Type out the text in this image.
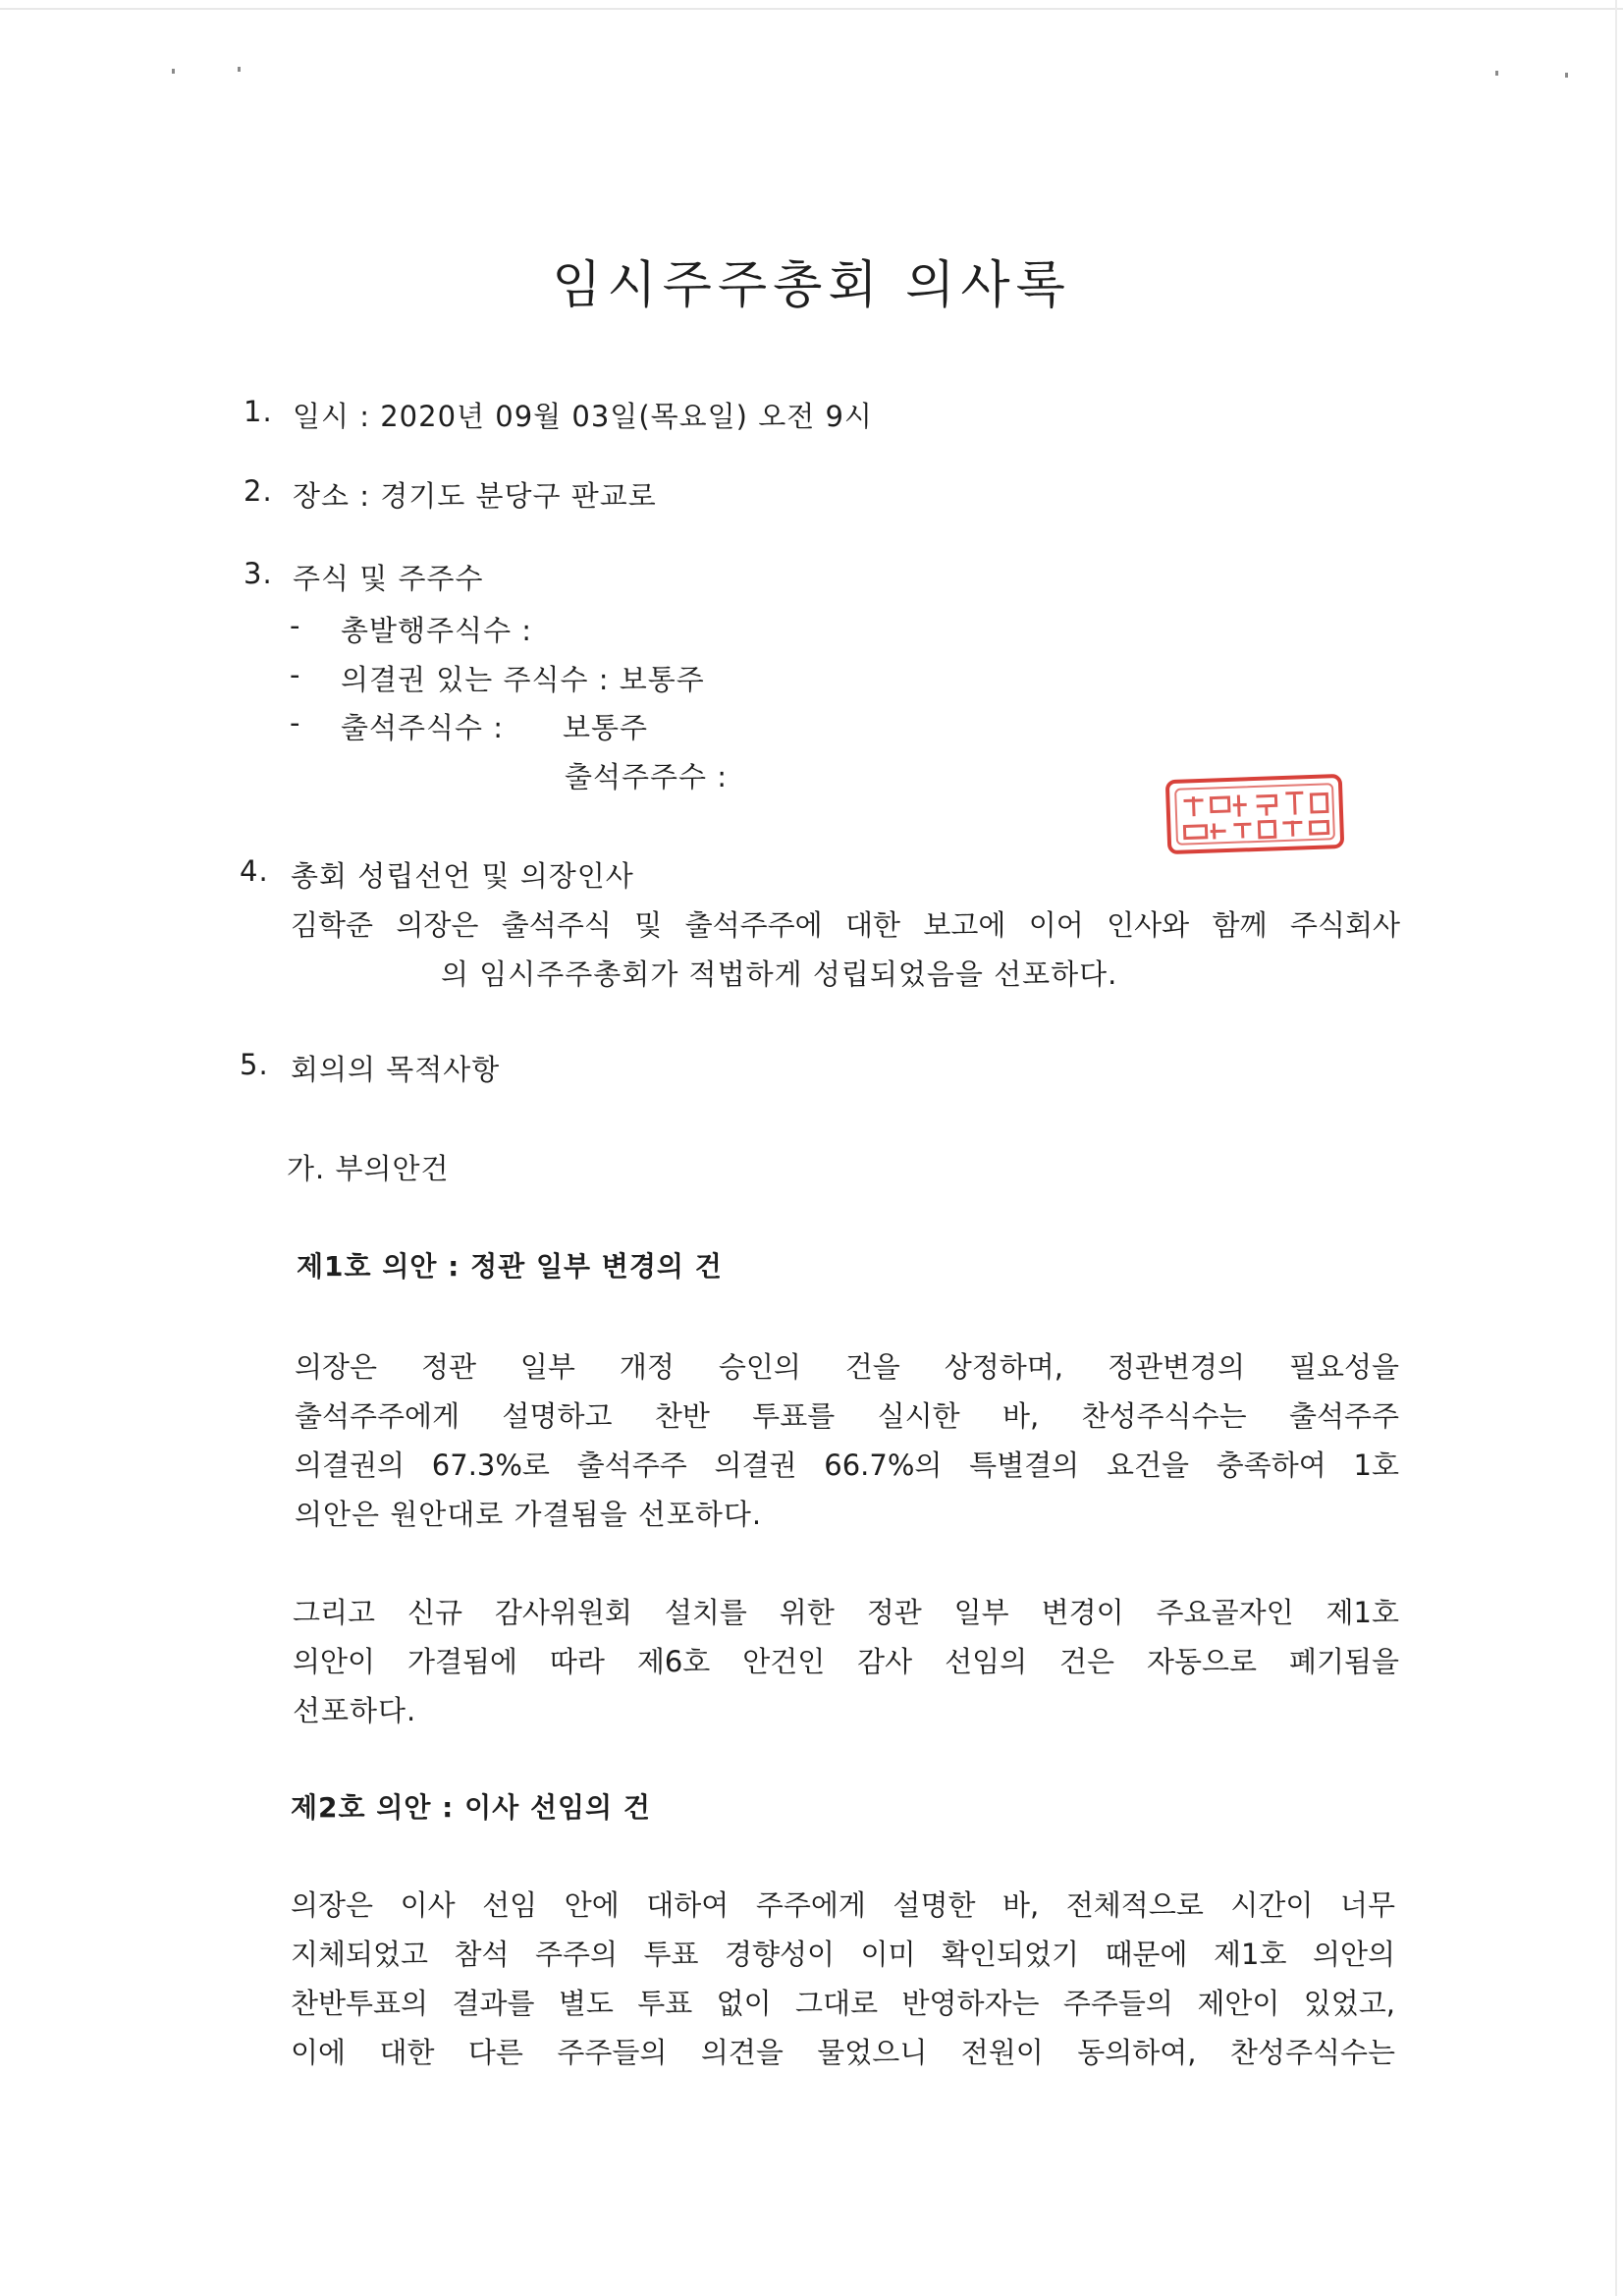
임시주주총회 의사록
1. 일시 : 2020년 09월 03일(목요일) 오전 9시
2. 장소 : 경기도 분당구 판교로
3. 주식 및 주주수
- 총발행주식수 :
- 의결권 있는 주식수 : 보통주
- 출석주식수 : 보통주
출석주주수 :
4. 총회 성립선언 및 의장인사
김학준 의장은 출석주식 및 출석주주에 대한 보고에 이어 인사와 함께 주식회사
의 임시주주총회가 적법하게 성립되었음을 선포하다.
5. 회의의 목적사항
가. 부의안건
제1호 의안 : 정관 일부 변경의 건
의장은 정관 일부 개정 승인의 건을 상정하며, 정관변경의 필요성을
출석주주에게 설명하고 찬반 투표를 실시한 바, 찬성주식수는 출석주주
의결권의 67.3%로 출석주주 의결권 66.7%의 특별결의 요건을 충족하여 1호
의안은 원안대로 가결됨을 선포하다.
그리고 신규 감사위원회 설치를 위한 정관 일부 변경이 주요골자인 제1호
의안이 가결됨에 따라 제6호 안건인 감사 선임의 건은 자동으로 폐기됨을
선포하다.
제2호 의안 : 이사 선임의 건
의장은 이사 선임 안에 대하여 주주에게 설명한 바, 전체적으로 시간이 너무
지체되었고 참석 주주의 투표 경향성이 이미 확인되었기 때문에 제1호 의안의
찬반투표의 결과를 별도 투표 없이 그대로 반영하자는 주주들의 제안이 있었고,
이에 대한 다른 주주들의 의견을 물었으니 전원이 동의하여, 찬성주식수는
